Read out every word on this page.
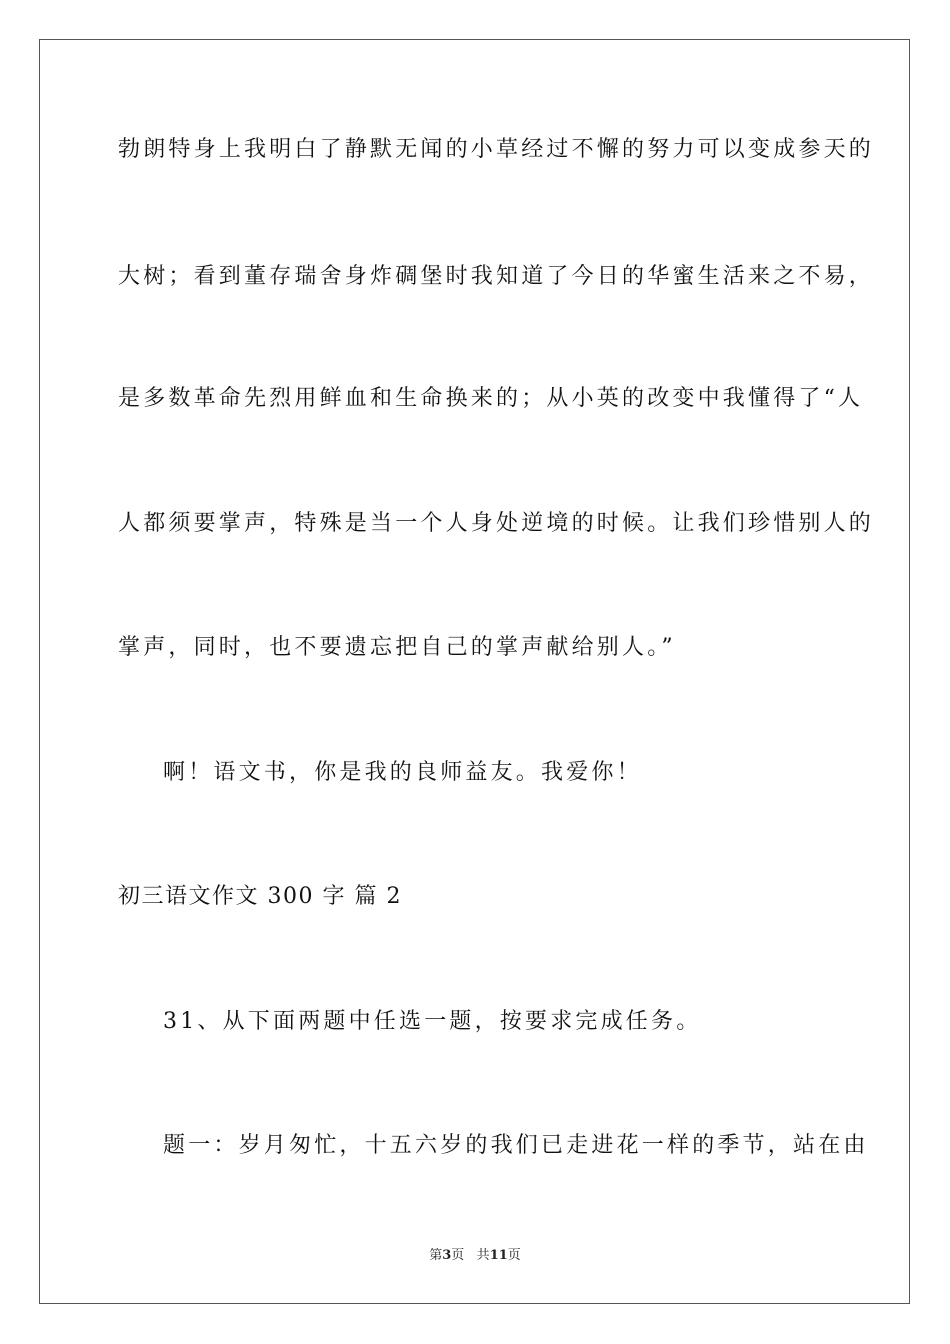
勃朗特身上我明白了静默无闻的小草经过不懈的努力可以变成参天的
大树；看到董存瑞舍身炸碉堡时我知道了今日的华蜜生活来之不易，
是多数革命先烈用鲜血和生命换来的；从小英的改变中我懂得了“人
人都须要掌声，特殊是当一个人身处逆境的时候。让我们珍惜别人的
掌声，同时，也不要遗忘把自己的掌声献给别人。”
啊！语文书，你是我的良师益友。我爱你！
初三语文作文 300 字 篇 2
31、从下面两题中任选一题，按要求完成任务。
题一：岁月匆忙，十五六岁的我们已走进花一样的季节，站在由
第3页 共11页
